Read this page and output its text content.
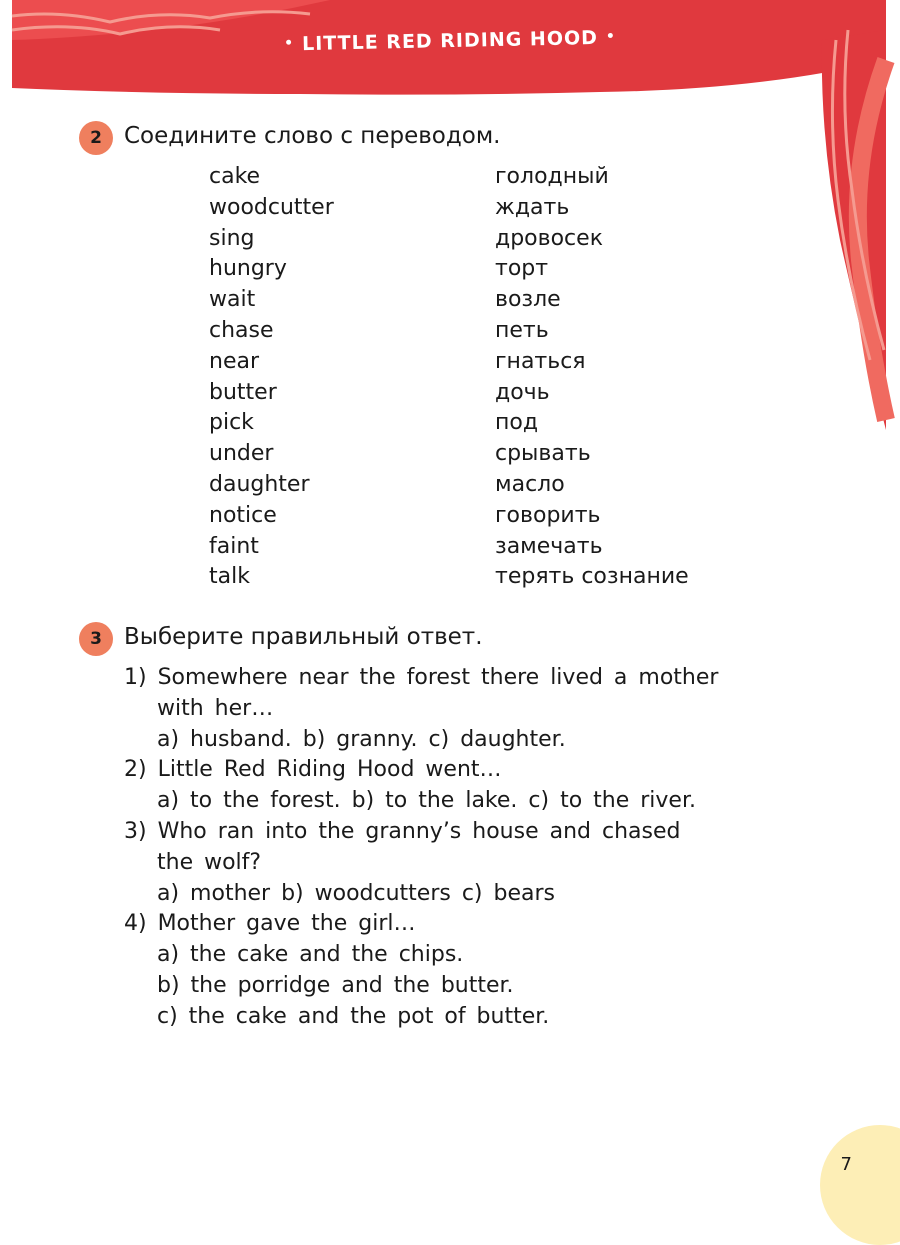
• LITTLE RED RIDING HOOD •
2 Соедините слово с переводом.
cake
woodcutter
sing
hungry
wait
chase
near
butter
pick
under
daughter
notice
faint
talk
голодный
ждать
дровосек
торт
возле
петь
гнаться
дочь
под
срывать
масло
говорить
замечать
терять сознание
3 Выберите правильный ответ.
1) Somewhere near the forest there lived a mother
with her…
a) husband. b) granny. c) daughter.
2) Little Red Riding Hood went…
a) to the forest. b) to the lake. c) to the river.
3) Who ran into the granny’s house and chased
the wolf?
a) mother b) woodcutters c) bears
4) Mother gave the girl…
a) the cake and the chips.
b) the porridge and the butter.
c) the cake and the pot of butter.
7
